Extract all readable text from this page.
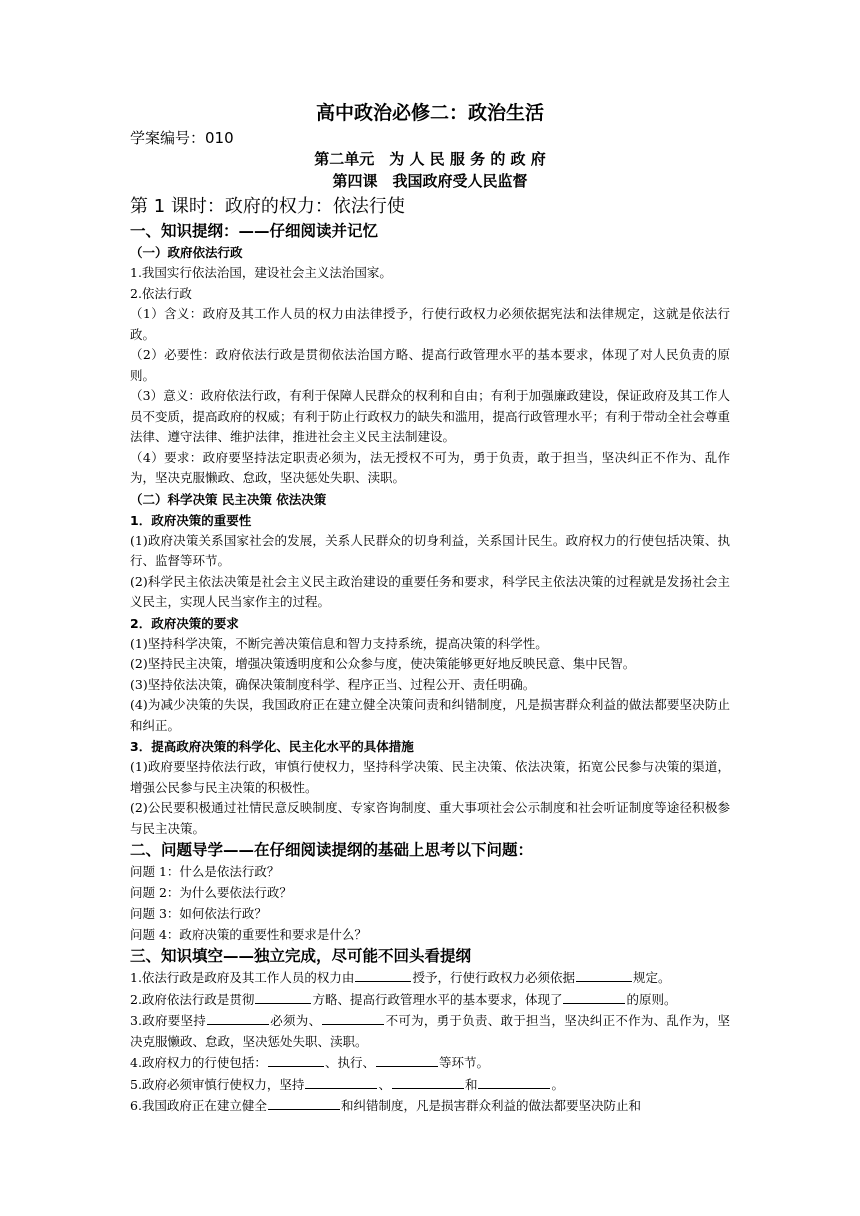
高中政治必修二：政治生活
学案编号：010
第二单元　为 人 民 服 务 的 政 府
第四课　我国政府受人民监督
第 1 课时：政府的权力：依法行使
一、知识提纲：——仔细阅读并记忆
（一）政府依法行政

1.我国实行依法治国，建设社会主义法治国家。

2.依法行政

（1）含义：政府及其工作人员的权力由法律授予，行使行政权力必须依据宪法和法律规定，这就是依法行政。

（2）必要性：政府依法行政是贯彻依法治国方略、提高行政管理水平的基本要求，体现了对人民负责的原则。

（3）意义：政府依法行政，有利于保障人民群众的权利和自由；有利于加强廉政建设，保证政府及其工作人员不变质，提高政府的权威；有利于防止行政权力的缺失和滥用，提高行政管理水平；有利于带动全社会尊重法律、遵守法律、维护法律，推进社会主义民主法制建设。

（4）要求：政府要坚持法定职责必须为，法无授权不可为，勇于负责，敢于担当，坚决纠正不作为、乱作为，坚决克服懒政、怠政，坚决惩处失职、渎职。

（二）科学决策 民主决策 依法决策
1．政府决策的重要性

(1)政府决策关系国家社会的发展，关系人民群众的切身利益，关系国计民生。政府权力的行使包括决策、执行、监督等环节。

(2)科学民主依法决策是社会主义民主政治建设的重要任务和要求，科学民主依法决策的过程就是发扬社会主义民主，实现人民当家作主的过程。

2．政府决策的要求

(1)坚持科学决策，不断完善决策信息和智力支持系统，提高决策的科学性。

(2)坚持民主决策，增强决策透明度和公众参与度，使决策能够更好地反映民意、集中民智。

(3)坚持依法决策，确保决策制度科学、程序正当、过程公开、责任明确。

(4)为减少决策的失误，我国政府正在建立健全决策问责和纠错制度，凡是损害群众利益的做法都要坚决防止和纠正。

3．提高政府决策的科学化、民主化水平的具体措施

(1)政府要坚持依法行政，审慎行使权力，坚持科学决策、民主决策、依法决策，拓宽公民参与决策的渠道，增强公民参与民主决策的积极性。

(2)公民要积极通过社情民意反映制度、专家咨询制度、重大事项社会公示制度和社会听证制度等途径积极参与民主决策。

二、问题导学——在仔细阅读提纲的基础上思考以下问题：

问题 1：什么是依法行政？

问题 2：为什么要依法行政？

问题 3：如何依法行政？

问题 4：政府决策的重要性和要求是什么？

三、知识填空——独立完成，尽可能不回头看提纲

1.依法行政是政府及其工作人员的权力由	授予，行使行政权力必须依据	规定。

2.政府依法行政是贯彻	方略、提高行政管理水平的基本要求，体现了	的原则。

3.政府要坚持	必须为、	不可为，勇于负责、敢于担当，坚决纠正不作为、乱作为，坚决克服懒政、怠政，坚决惩处失职、渎职。

4.政府权力的行使包括：	、执行、	等环节。

5.政府必须审慎行使权力，坚持	、	和	。

6.我国政府正在建立健全	和纠错制度，凡是损害群众利益的做法都要坚决防止和
